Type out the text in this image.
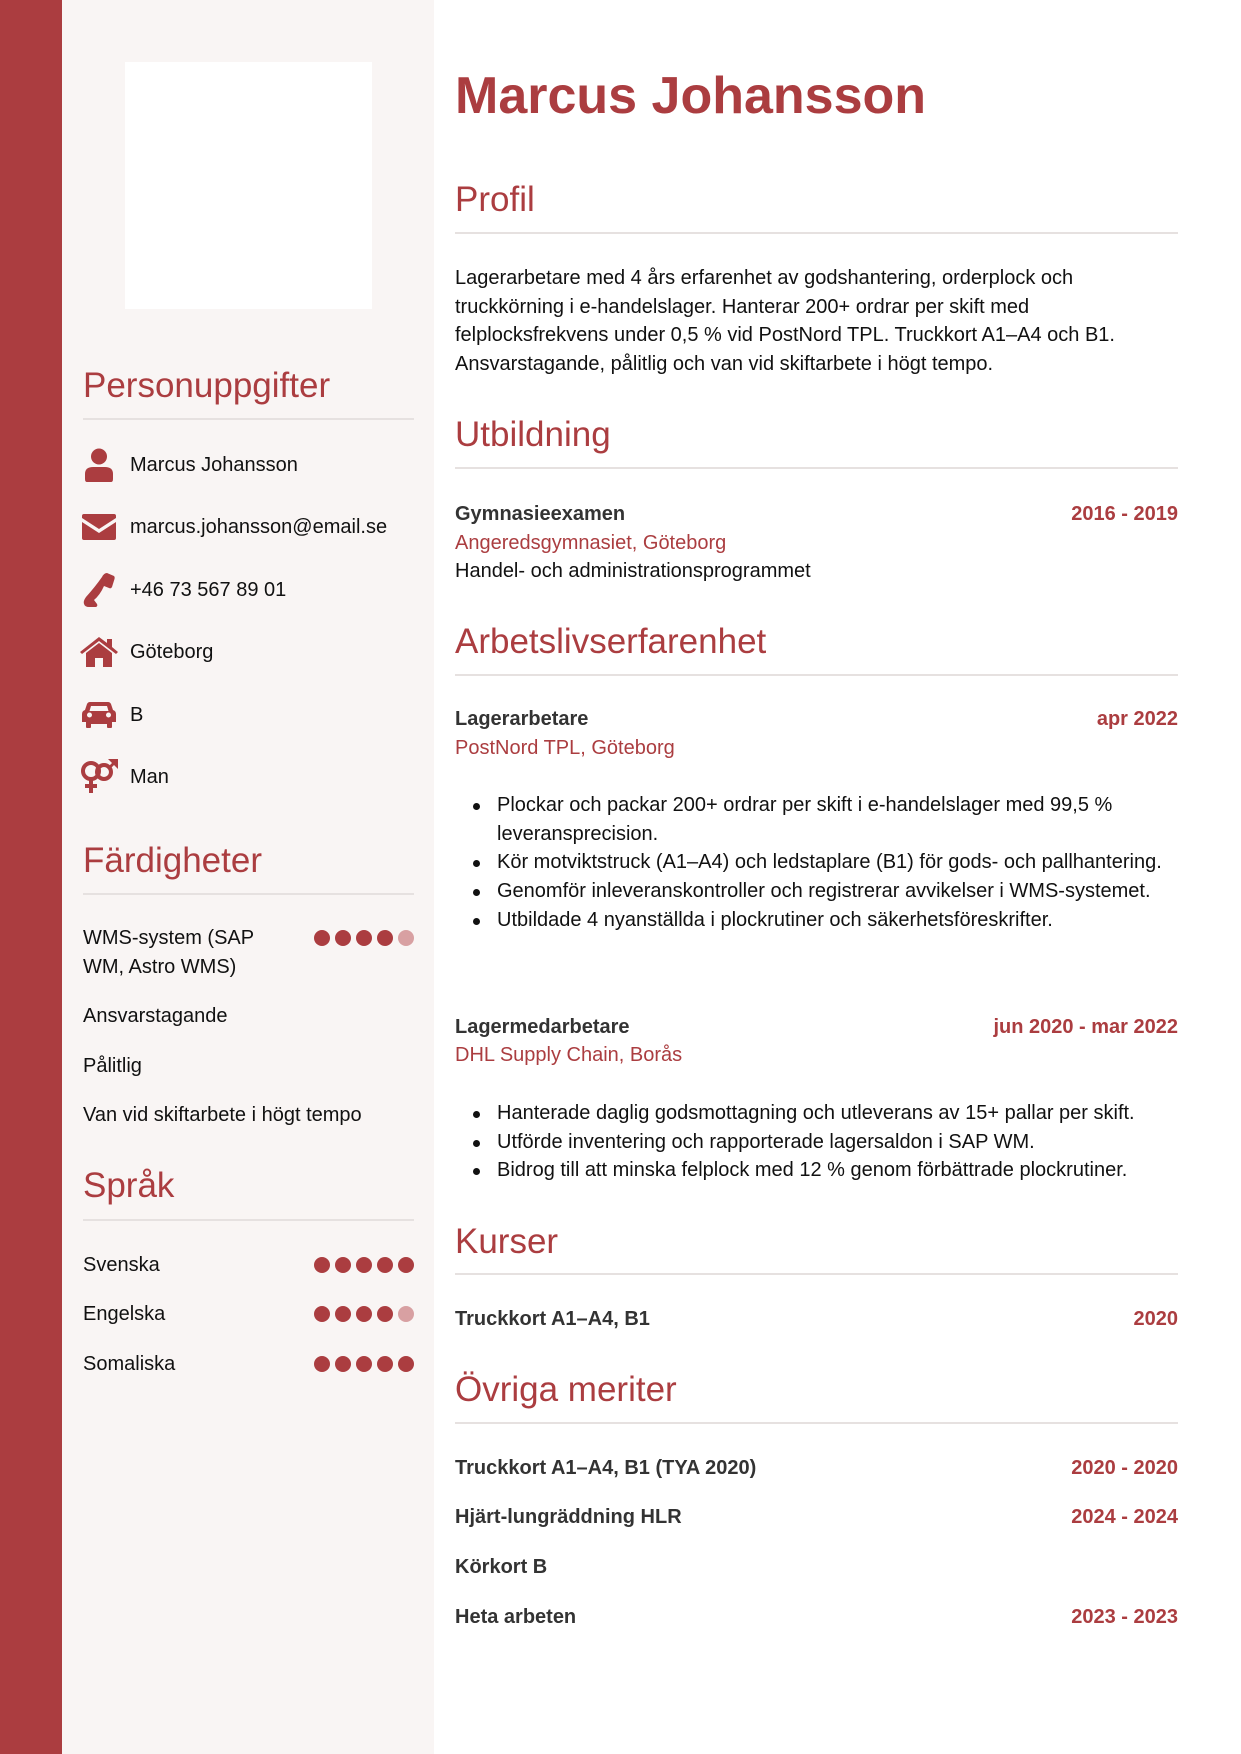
Personuppgifter
Marcus Johansson
marcus.johansson@email.se
+46 73 567 89 01
Göteborg
B
Man
Färdigheter
WMS-system (SAP WM, Astro WMS)
Ansvarstagande
Pålitlig
Van vid skiftarbete i högt tempo
Språk
Svenska
Engelska
Somaliska
Marcus Johansson
Profil

Lagerarbetare med 4 års erfarenhet av godshantering, orderplock och truckkörning i e-handelslager. Hanterar 200+ ordrar per skift med felplocksfrekvens under 0,5 % vid PostNord TPL. Truckkort A1–A4 och B1. Ansvarstagande, pålitlig och van vid skiftarbete i högt tempo.

Utbildning
Gymnasieexamen	2016 - 2019
Angeredsgymnasiet, Göteborg
Handel- och administrationsprogrammet
Arbetslivserfarenhet
Lagerarbetare	apr 2022
PostNord TPL, Göteborg
Plockar och packar 200+ ordrar per skift i e-handelslager med 99,5 % leveransprecision.
Kör motviktstruck (A1–A4) och ledstaplare (B1) för gods- och pallhantering.
Genomför inleveranskontroller och registrerar avvikelser i WMS-systemet.
Utbildade 4 nyanställda i plockrutiner och säkerhetsföreskrifter.
Lagermedarbetare	jun 2020 - mar 2022
DHL Supply Chain, Borås
Hanterade daglig godsmottagning och utleverans av 15+ pallar per skift.
Utförde inventering och rapporterade lagersaldon i SAP WM.
Bidrog till att minska felplock med 12 % genom förbättrade plockrutiner.
Kurser
Truckkort A1–A4, B1	2020
Övriga meriter
Truckkort A1–A4, B1 (TYA 2020)	2020 - 2020
Hjärt-lungräddning HLR	2024 - 2024
Körkort B
Heta arbeten	2023 - 2023
